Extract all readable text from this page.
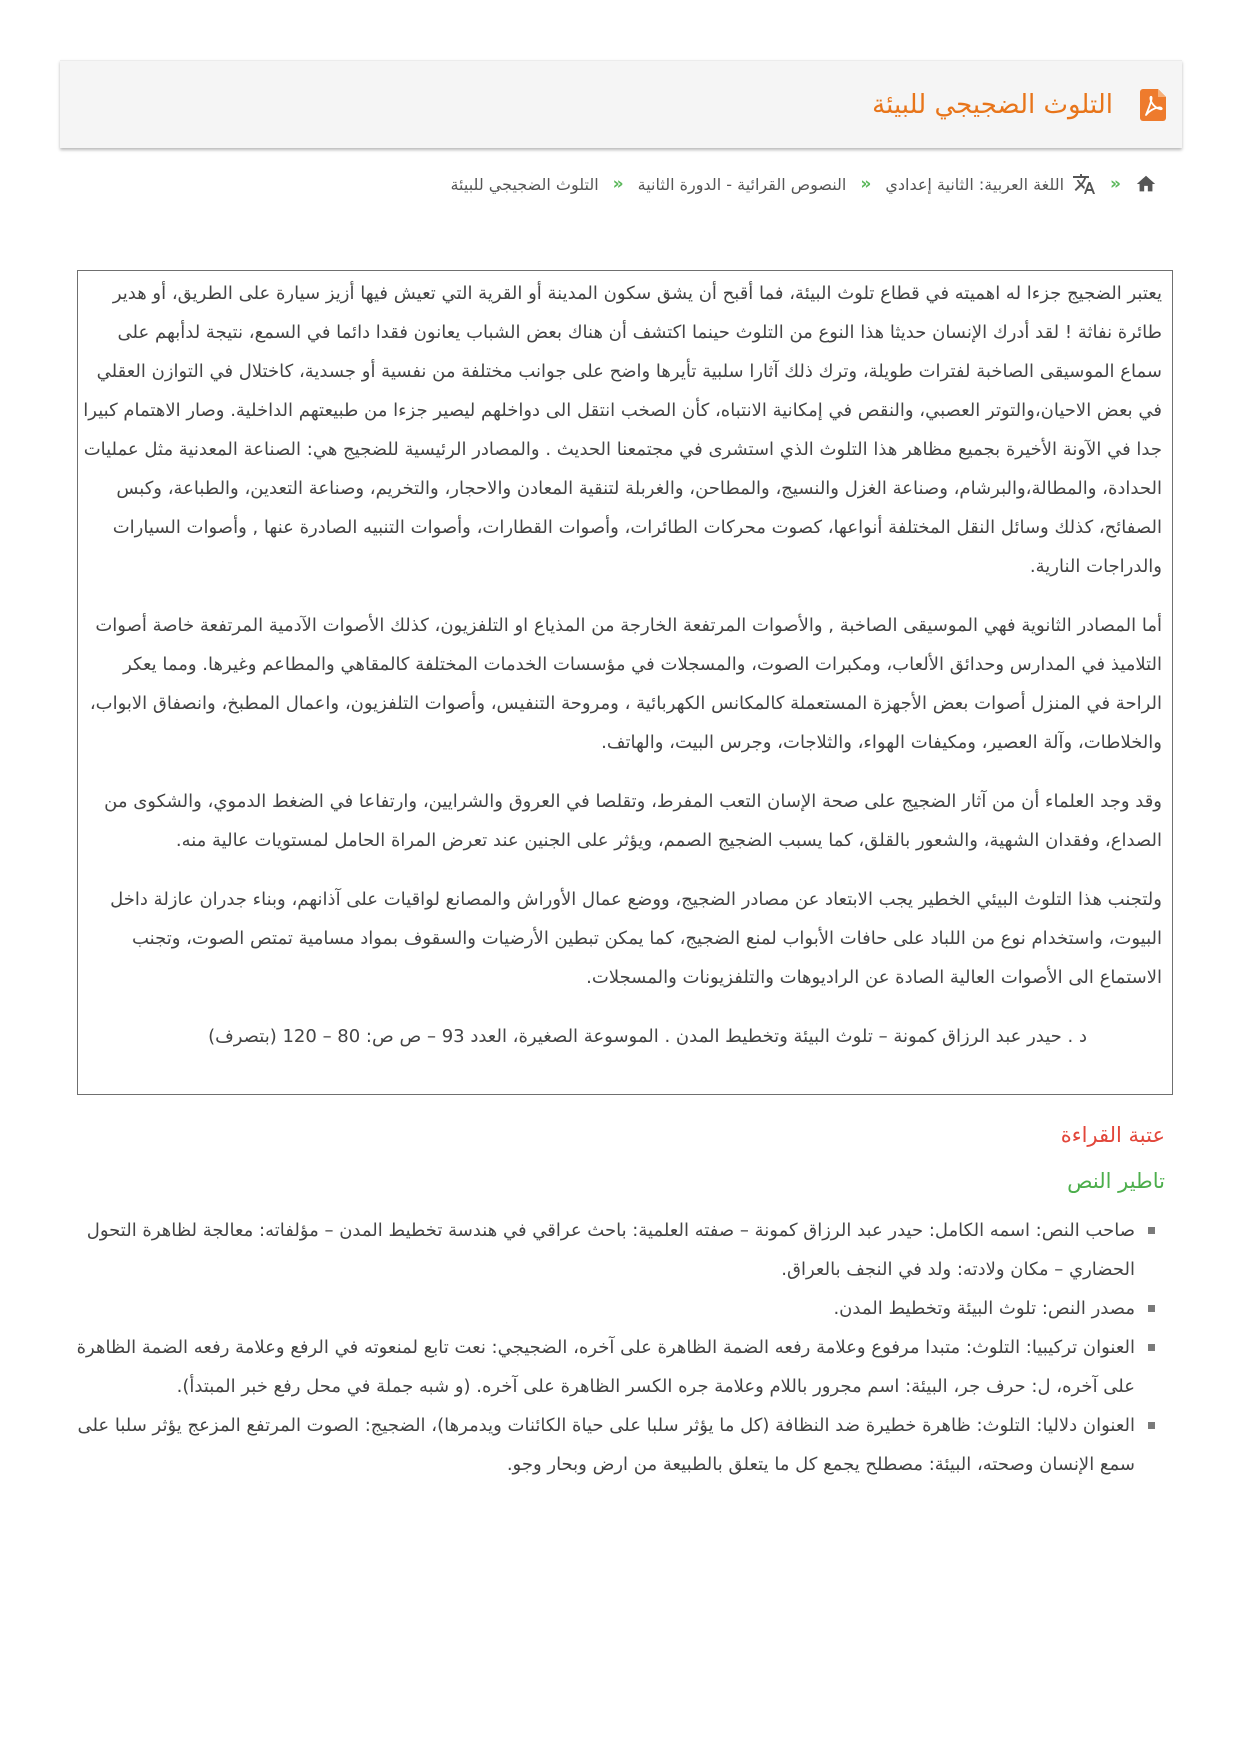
التلوث الضجيجي للبيئة
»
اللغة العربية: الثانية إعدادي
»
النصوص القرائية - الدورة الثانية
»
التلوث الضجيجي للبيئة

يعتبر الضجيج جزءا له اهميته في قطاع تلوث البيئة، فما أقبح أن يشق سكون المدينة أو القرية التي تعيش فيها أزيز سيارة على الطريق، أو هدير طائرة نفاثة ! لقد أدرك الإنسان حديثا هذا النوع من التلوث حينما اكتشف أن هناك بعض الشباب يعانون فقدا دائما في السمع، نتيجة لدأبهم على سماع الموسيقى الصاخبة لفترات طويلة، وترك ذلك آثارا سلبية تأيرها واضح على جوانب مختلفة من نفسية أو جسدية، كاختلال في التوازن العقلي في بعض الاحيان،والتوتر العصبي، والنقص في إمكانية الانتباه، كأن الصخب انتقل الى دواخلهم ليصير جزءا من طبيعتهم الداخلية. وصار الاهتمام كبيرا جدا في الآونة الأخيرة بجميع مظاهر هذا التلوث الذي استشرى في مجتمعنا الحديث . والمصادر الرئيسية للضجيج هي: الصناعة المعدنية مثل عمليات الحدادة، والمطالة،والبرشام، وصناعة الغزل والنسيج، والمطاحن، والغربلة لتنقية المعادن والاحجار، والتخريم، وصناعة التعدين، والطباعة، وكبس الصفائح، كذلك وسائل النقل المختلفة أنواعها، كصوت محركات الطائرات، وأصوات القطارات، وأصوات التنبيه الصادرة عنها , وأصوات السيارات والدراجات النارية.

أما المصادر الثانوية فهي الموسيقى الصاخبة , والأصوات المرتفعة الخارجة من المذياع او التلفزيون، كذلك الأصوات الآدمية المرتفعة خاصة أصوات التلاميذ في المدارس وحدائق الألعاب، ومكبرات الصوت، والمسجلات في مؤسسات الخدمات المختلفة كالمقاهي والمطاعم وغيرها. ومما يعكر الراحة في المنزل أصوات بعض الأجهزة المستعملة كالمكانس الكهربائية ، ومروحة التنفيس، وأصوات التلفزيون، واعمال المطبخ، وانصفاق الابواب، والخلاطات، وآلة العصير، ومكيفات الهواء، والثلاجات، وجرس البيت، والهاتف.

وقد وجد العلماء أن من آثار الضجيج على صحة الإسان التعب المفرط، وتقلصا في العروق والشرايين، وارتفاعا في الضغط الدموي، والشكوى من الصداع، وفقدان الشهية، والشعور بالقلق، كما يسبب الضجيج الصمم، ويؤثر على الجنين عند تعرض المراة الحامل لمستويات عالية منه.

ولتجنب هذا التلوث البيئي الخطير يجب الابتعاد عن مصادر الضجيج، ووضع عمال الأوراش والمصانع لواقيات على آذانهم، وبناء جدران عازلة داخل البيوت، واستخدام نوع من اللباد على حافات الأبواب لمنع الضجيج، كما يمكن تبطين الأرضيات والسقوف بمواد مسامية تمتص الصوت، وتجنب الاستماع الى الأصوات العالية الصادة عن الراديوهات والتلفزيونات والمسجلات.

د . حيدر عبد الرزاق كمونة – تلوث البيئة وتخطيط المدن . الموسوعة الصغيرة، العدد 93 – ص ص: 80 – 120 (بتصرف)

عتبة القراءة
تاطير النص
صاحب النص: اسمه الكامل: حيدر عبد الرزاق كمونة – صفته العلمية: باحث عراقي في هندسة تخطيط المدن – مؤلفاته: معالجة لظاهرة التحول الحضاري – مكان ولادته: ولد في النجف بالعراق.
مصدر النص: تلوث البيئة وتخطيط المدن.
العنوان تركيبيا: التلوث: متبدا مرفوع وعلامة رفعه الضمة الظاهرة على آخره، الضجيجي: نعت تابع لمنعوته في الرفع وعلامة رفعه الضمة الظاهرة على آخره، ل: حرف جر، البيئة: اسم مجرور باللام وعلامة جره الكسر الظاهرة على آخره. (و شبه جملة في محل رفع خبر المبتدأ).
العنوان دلاليا: التلوث: ظاهرة خطيرة ضد النظافة (كل ما يؤثر سلبا على حياة الكائنات ويدمرها)، الضجيج: الصوت المرتفع المزعج يؤثر سلبا على سمع الإنسان وصحته، البيئة: مصطلح يجمع كل ما يتعلق بالطبيعة من ارض وبحار وجو.
